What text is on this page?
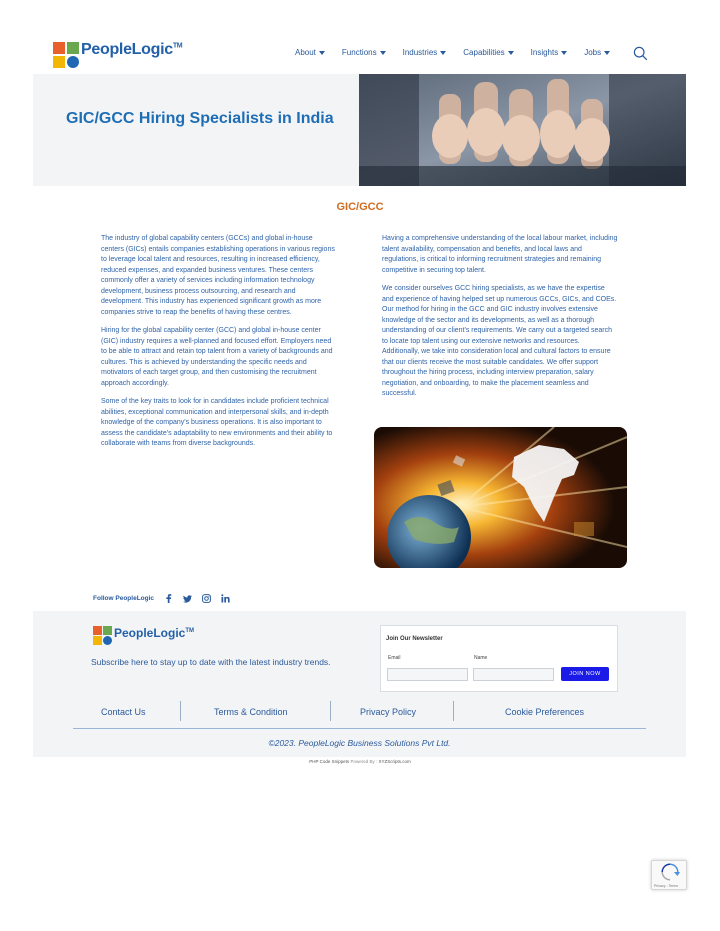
PeopleLogic™
About	Functions	Industries	Capabilities	Insights	Jobs
GIC/GCC Hiring Specialists in India
GIC/GCC

The industry of global capability centers (GCCs) and global in-house centers (GICs) entails companies establishing operations in various regions to leverage local talent and resources, resulting in increased efficiency, reduced expenses, and expanded business ventures. These centers commonly offer a variety of services including information technology development, business process outsourcing, and research and development. This industry has experienced significant growth as more companies strive to reap the benefits of having these centres.

Hiring for the global capability center (GCC) and global in-house center (GIC) industry requires a well-planned and focused effort. Employers need to be able to attract and retain top talent from a variety of backgrounds and cultures. This is achieved by understanding the specific needs and motivators of each target group, and then customising the recruitment approach accordingly.

Some of the key traits to look for in candidates include proficient technical abilities, exceptional communication and interpersonal skills, and in-depth knowledge of the company's business operations. It is also important to assess the candidate's adaptability to new environments and their ability to collaborate with teams from diverse backgrounds.

Having a comprehensive understanding of the local labour market, including talent availability, compensation and benefits, and local laws and regulations, is critical to informing recruitment strategies and remaining competitive in securing top talent.

We consider ourselves GCC hiring specialists, as we have the expertise and experience of having helped set up numerous GCCs, GICs, and COEs. Our method for hiring in the GCC and GIC industry involves extensive knowledge of the sector and its developments, as well as a thorough understanding of our client's requirements. We carry out a targeted search to locate top talent using our extensive networks and resources. Additionally, we take into consideration local and cultural factors to ensure that our clients receive the most suitable candidates. We offer support throughout the hiring process, including interview preparation, salary negotiation, and onboarding, to make the placement seamless and successful.

Follow PeopleLogic
PeopleLogic™
Subscribe here to stay up to date with the latest industry trends.
Join Our Newsletter
Email	Name
JOIN NOW
Contact Us	Terms & Condition	Privacy Policy	Cookie Preferences
©2023. PeopleLogic Business Solutions Pvt Ltd.
PHP Code Snippets Powered By : XYZScripts.com
Privacy - Terms
